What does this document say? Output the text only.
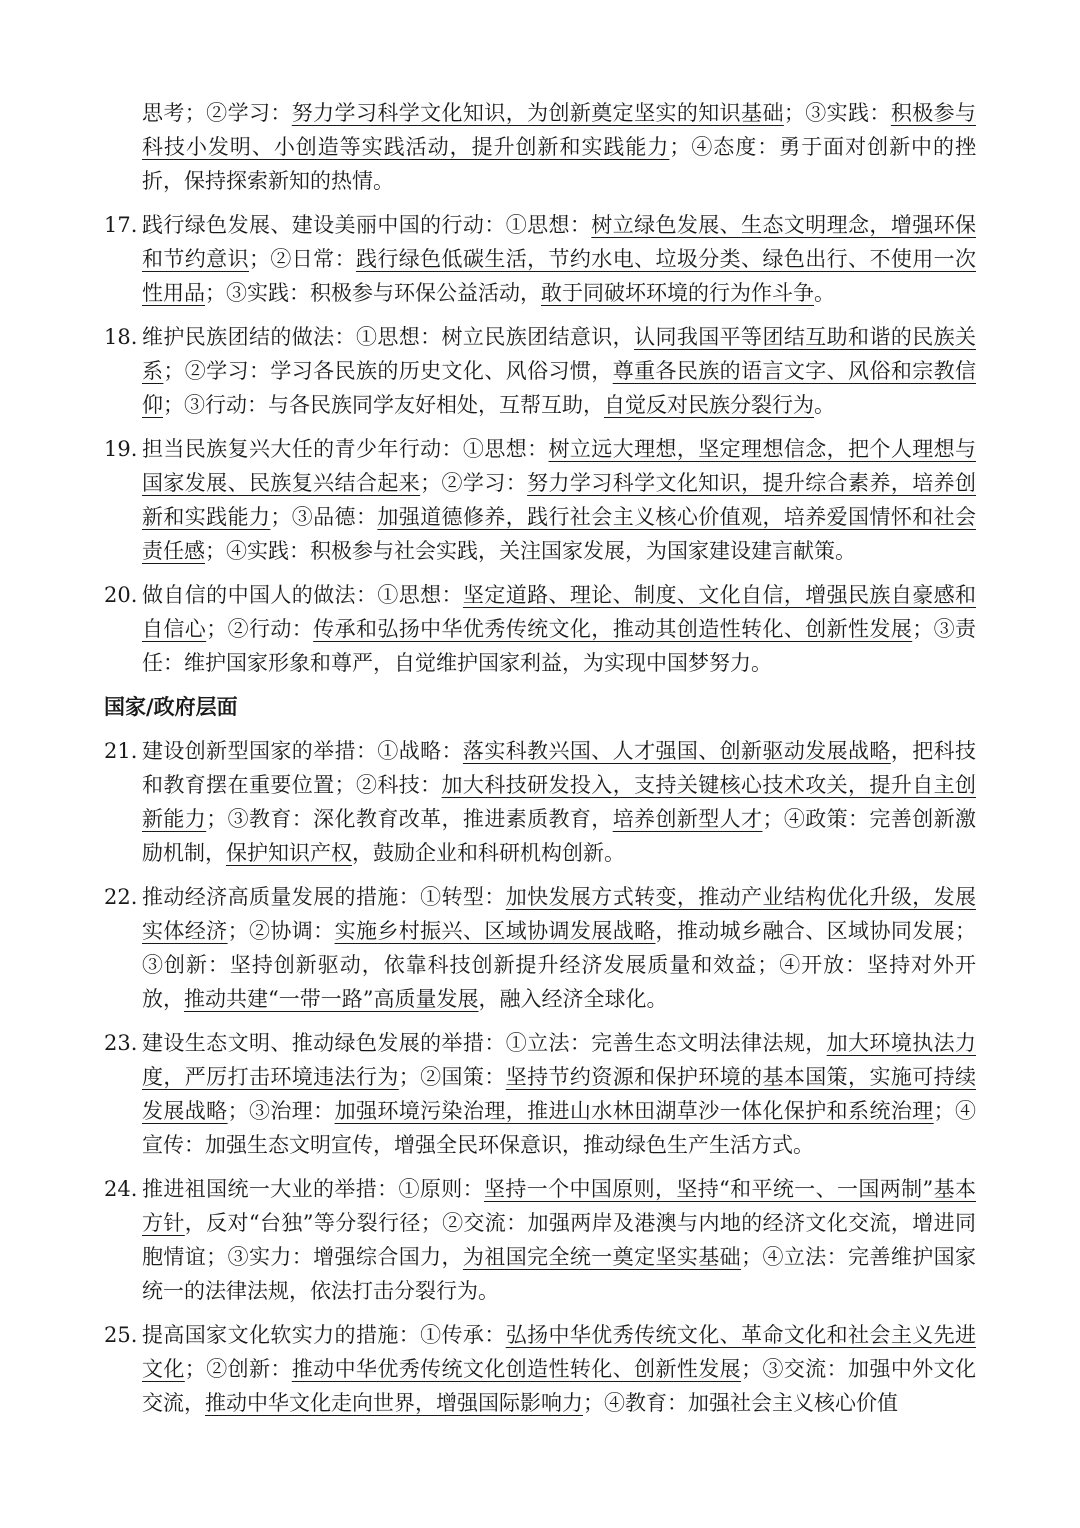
思考；②学习：努力学习科学文化知识，为创新奠定坚实的知识基础；③实践：积极参与科技小发明、小创造等实践活动，提升创新和实践能力；④态度：勇于面对创新中的挫折，保持探索新知的热情。
17. 践行绿色发展、建设美丽中国的行动：①思想：树立绿色发展、生态文明理念，增强环保和节约意识；②日常：践行绿色低碳生活，节约水电、垃圾分类、绿色出行、不使用一次性用品；③实践：积极参与环保公益活动，敢于同破坏环境的行为作斗争。
18. 维护民族团结的做法：①思想：树立民族团结意识，认同我国平等团结互助和谐的民族关系；②学习：学习各民族的历史文化、风俗习惯，尊重各民族的语言文字、风俗和宗教信仰；③行动：与各民族同学友好相处，互帮互助，自觉反对民族分裂行为。
19. 担当民族复兴大任的青少年行动：①思想：树立远大理想，坚定理想信念，把个人理想与国家发展、民族复兴结合起来；②学习：努力学习科学文化知识，提升综合素养，培养创新和实践能力；③品德：加强道德修养，践行社会主义核心价值观，培养爱国情怀和社会责任感；④实践：积极参与社会实践，关注国家发展，为国家建设建言献策。
20. 做自信的中国人的做法：①思想：坚定道路、理论、制度、文化自信，增强民族自豪感和自信心；②行动：传承和弘扬中华优秀传统文化，推动其创造性转化、创新性发展；③责任：维护国家形象和尊严，自觉维护国家利益，为实现中国梦努力。
国家/政府层面
21. 建设创新型国家的举措：①战略：落实科教兴国、人才强国、创新驱动发展战略，把科技和教育摆在重要位置；②科技：加大科技研发投入，支持关键核心技术攻关，提升自主创新能力；③教育：深化教育改革，推进素质教育，培养创新型人才；④政策：完善创新激励机制，保护知识产权，鼓励企业和科研机构创新。
22. 推动经济高质量发展的措施：①转型：加快发展方式转变，推动产业结构优化升级，发展实体经济；②协调：实施乡村振兴、区域协调发展战略，推动城乡融合、区域协同发展；③创新：坚持创新驱动，依靠科技创新提升经济发展质量和效益；④开放：坚持对外开放，推动共建“一带一路”高质量发展，融入经济全球化。
23. 建设生态文明、推动绿色发展的举措：①立法：完善生态文明法律法规，加大环境执法力度，严厉打击环境违法行为；②国策：坚持节约资源和保护环境的基本国策，实施可持续发展战略；③治理：加强环境污染治理，推进山水林田湖草沙一体化保护和系统治理；④宣传：加强生态文明宣传，增强全民环保意识，推动绿色生产生活方式。
24. 推进祖国统一大业的举措：①原则：坚持一个中国原则，坚持“和平统一、一国两制”基本方针，反对“台独”等分裂行径；②交流：加强两岸及港澳与内地的经济文化交流，增进同胞情谊；③实力：增强综合国力，为祖国完全统一奠定坚实基础；④立法：完善维护国家统一的法律法规，依法打击分裂行为。
25. 提高国家文化软实力的措施：①传承：弘扬中华优秀传统文化、革命文化和社会主义先进文化；②创新：推动中华优秀传统文化创造性转化、创新性发展；③交流：加强中外文化交流，推动中华文化走向世界，增强国际影响力；④教育：加强社会主义核心价值
